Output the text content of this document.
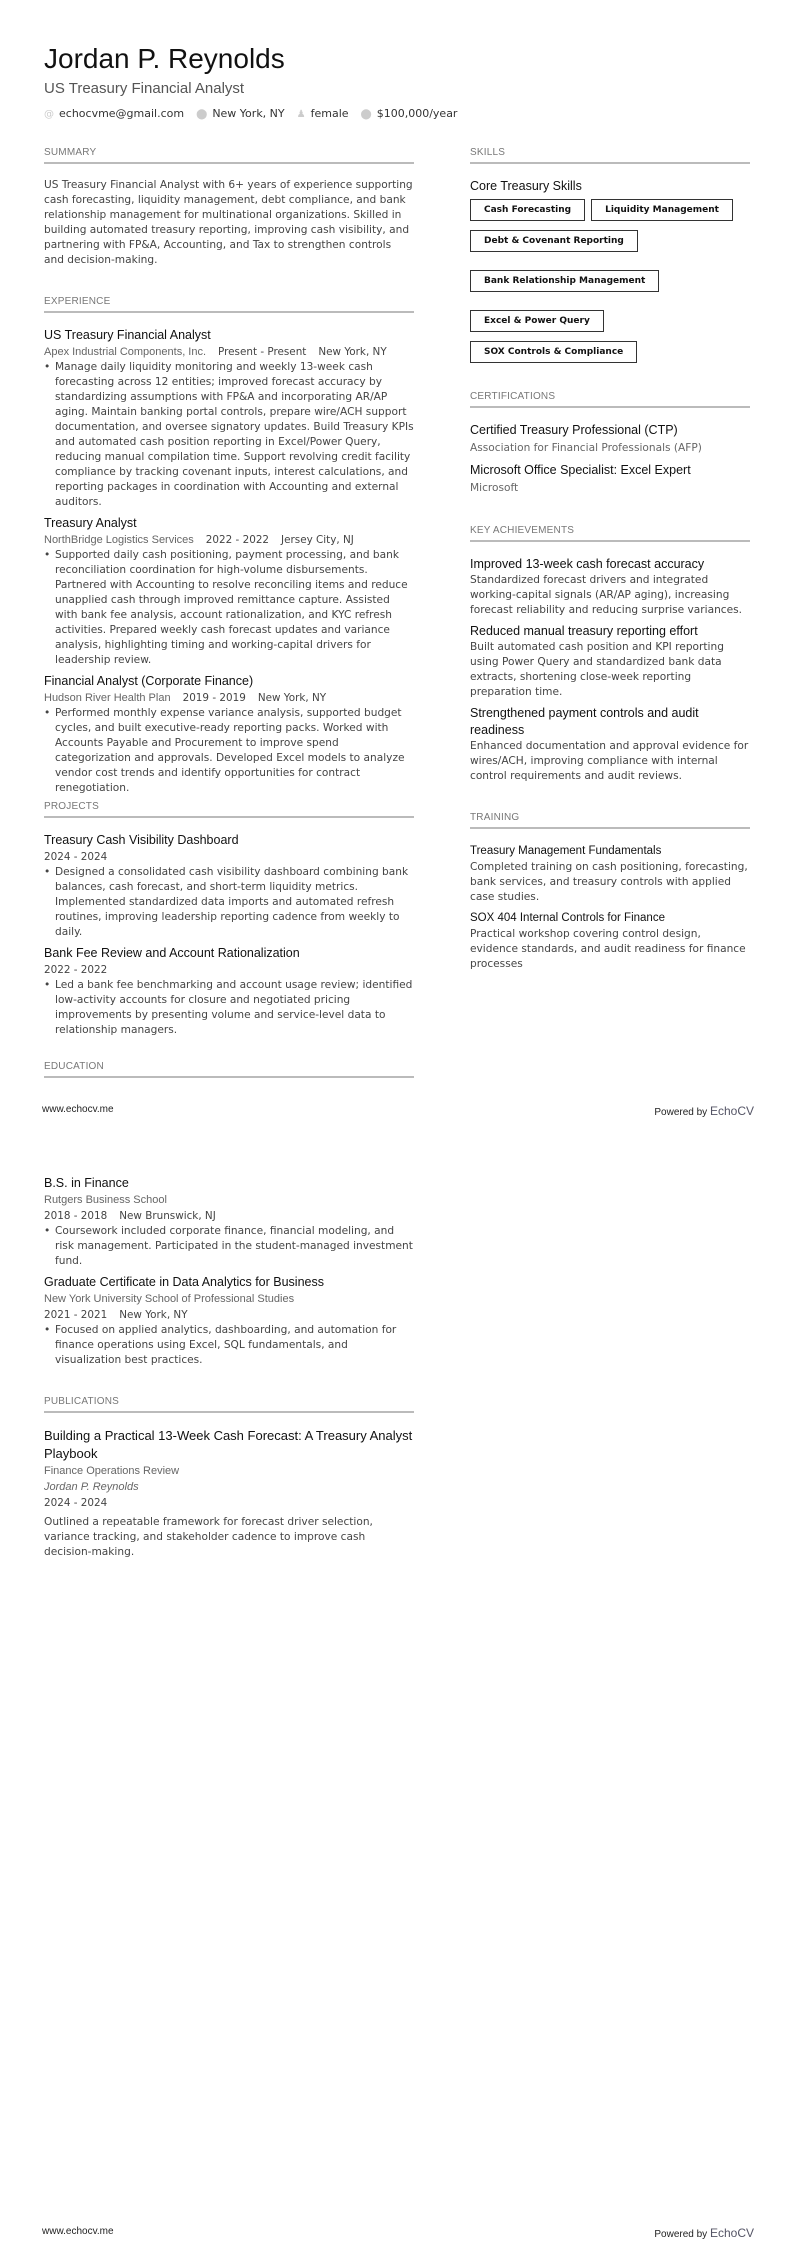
Jordan P. Reynolds
US Treasury Financial Analyst
@ echocvme@gmail.com ⬤ New York, NY ♟ female ⬤ $100,000/year
SUMMARY
US Treasury Financial Analyst with 6+ years of experience supporting cash forecasting, liquidity management, debt compliance, and bank relationship management for multinational organizations. Skilled in building automated treasury reporting, improving cash visibility, and partnering with FP&A, Accounting, and Tax to strengthen controls and decision-making.
EXPERIENCE
US Treasury Financial Analyst
Apex Industrial Components, Inc. Present - Present New York, NY
• Manage daily liquidity monitoring and weekly 13-week cash forecasting across 12 entities; improved forecast accuracy by standardizing assumptions with FP&A and incorporating AR/AP aging. Maintain banking portal controls, prepare wire/ACH support documentation, and oversee signatory updates. Build Treasury KPIs and automated cash position reporting in Excel/Power Query, reducing manual compilation time. Support revolving credit facility compliance by tracking covenant inputs, interest calculations, and reporting packages in coordination with Accounting and external auditors.
Treasury Analyst
NorthBridge Logistics Services 2022 - 2022 Jersey City, NJ
• Supported daily cash positioning, payment processing, and bank reconciliation coordination for high-volume disbursements. Partnered with Accounting to resolve reconciling items and reduce unapplied cash through improved remittance capture. Assisted with bank fee analysis, account rationalization, and KYC refresh activities. Prepared weekly cash forecast updates and variance analysis, highlighting timing and working-capital drivers for leadership review.
Financial Analyst (Corporate Finance)
Hudson River Health Plan 2019 - 2019 New York, NY
• Performed monthly expense variance analysis, supported budget cycles, and built executive-ready reporting packs. Worked with Accounts Payable and Procurement to improve spend categorization and approvals. Developed Excel models to analyze vendor cost trends and identify opportunities for contract renegotiation.
PROJECTS
Treasury Cash Visibility Dashboard
2024 - 2024
• Designed a consolidated cash visibility dashboard combining bank balances, cash forecast, and short-term liquidity metrics. Implemented standardized data imports and automated refresh routines, improving leadership reporting cadence from weekly to daily.
Bank Fee Review and Account Rationalization
2022 - 2022
• Led a bank fee benchmarking and account usage review; identified low-activity accounts for closure and negotiated pricing improvements by presenting volume and service-level data to relationship managers.
EDUCATION
SKILLS
Core Treasury Skills
Cash Forecasting	Liquidity Management
Debt & Covenant Reporting
Bank Relationship Management
Excel & Power Query
SOX Controls & Compliance
CERTIFICATIONS
Certified Treasury Professional (CTP)
Association for Financial Professionals (AFP)
Microsoft Office Specialist: Excel Expert
Microsoft
KEY ACHIEVEMENTS
Improved 13-week cash forecast accuracy
Standardized forecast drivers and integrated working-capital signals (AR/AP aging), increasing forecast reliability and reducing surprise variances.
Reduced manual treasury reporting effort
Built automated cash position and KPI reporting using Power Query and standardized bank data extracts, shortening close-week reporting preparation time.
Strengthened payment controls and audit readiness
Enhanced documentation and approval evidence for wires/ACH, improving compliance with internal control requirements and audit reviews.
TRAINING
Treasury Management Fundamentals
Completed training on cash positioning, forecasting, bank services, and treasury controls with applied case studies.
SOX 404 Internal Controls for Finance
Practical workshop covering control design, evidence standards, and audit readiness for finance processes
www.echocv.me	Powered by EchoCV
B.S. in Finance
Rutgers Business School
2018 - 2018 New Brunswick, NJ
• Coursework included corporate finance, financial modeling, and risk management. Participated in the student-managed investment fund.
Graduate Certificate in Data Analytics for Business
New York University School of Professional Studies
2021 - 2021 New York, NY
• Focused on applied analytics, dashboarding, and automation for finance operations using Excel, SQL fundamentals, and visualization best practices.
PUBLICATIONS
Building a Practical 13-Week Cash Forecast: A Treasury Analyst Playbook
Finance Operations Review
Jordan P. Reynolds
2024 - 2024
Outlined a repeatable framework for forecast driver selection, variance tracking, and stakeholder cadence to improve cash decision-making.
www.echocv.me	Powered by EchoCV
